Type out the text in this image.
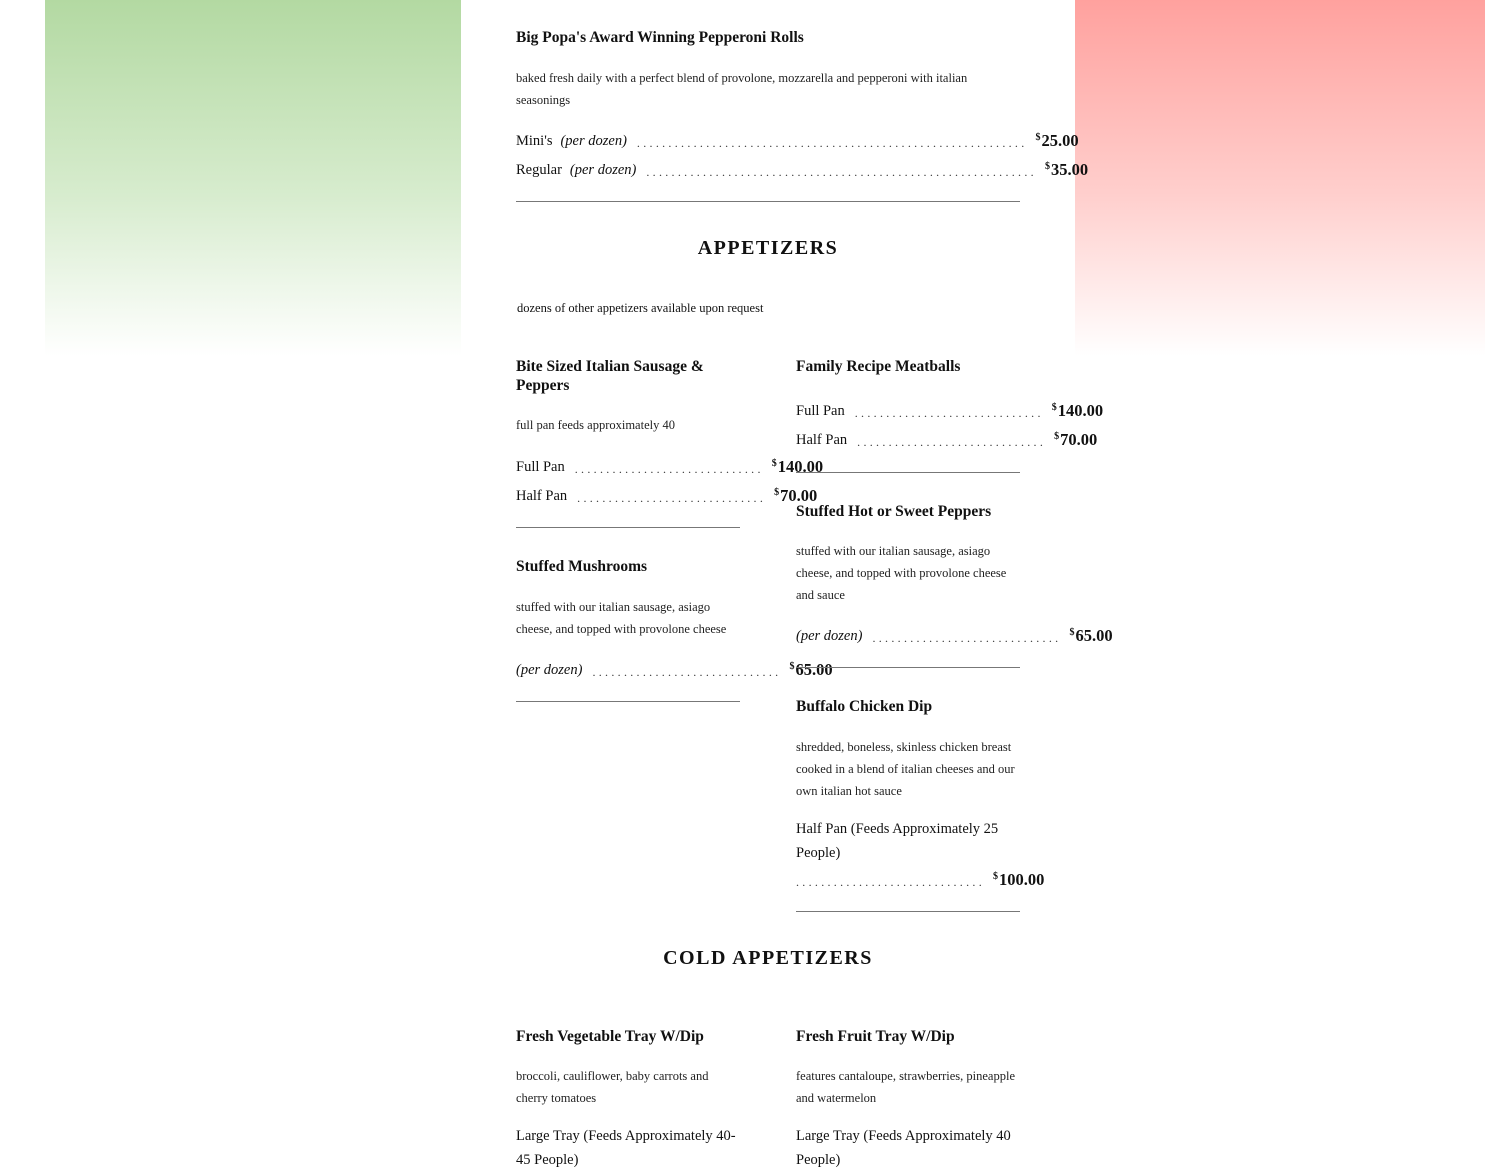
Big Popa's Award Winning Pepperoni Rolls

baked fresh daily with a perfect blend of provolone, mozzarella and pepperoni with italian seasonings

Mini's (per dozen) .............................................................. $25.00
Regular (per dozen) .............................................................. $35.00
APPETIZERS

dozens of other appetizers available upon request

Bite Sized Italian Sausage & Peppers

full pan feeds approximately 40

Full Pan .............................. $140.00
Half Pan .............................. $70.00
Stuffed Mushrooms

stuffed with our italian sausage, asiago cheese, and topped with provolone cheese

(per dozen) .............................. $65.00
Family Recipe Meatballs
Full Pan .............................. $140.00
Half Pan .............................. $70.00
Stuffed Hot or Sweet Peppers

stuffed with our italian sausage, asiago cheese, and topped with provolone cheese and sauce

(per dozen) .............................. $65.00
Buffalo Chicken Dip

shredded, boneless, skinless chicken breast cooked in a blend of italian cheeses and our own italian hot sauce

Half Pan (Feeds Approximately 25 People)
.............................. $100.00
COLD APPETIZERS
Fresh Vegetable Tray W/Dip

broccoli, cauliflower, baby carrots and cherry tomatoes

Large Tray (Feeds Approximately 40-45 People)
Fresh Fruit Tray W/Dip

features cantaloupe, strawberries, pineapple and watermelon

Large Tray (Feeds Approximately 40 People)
